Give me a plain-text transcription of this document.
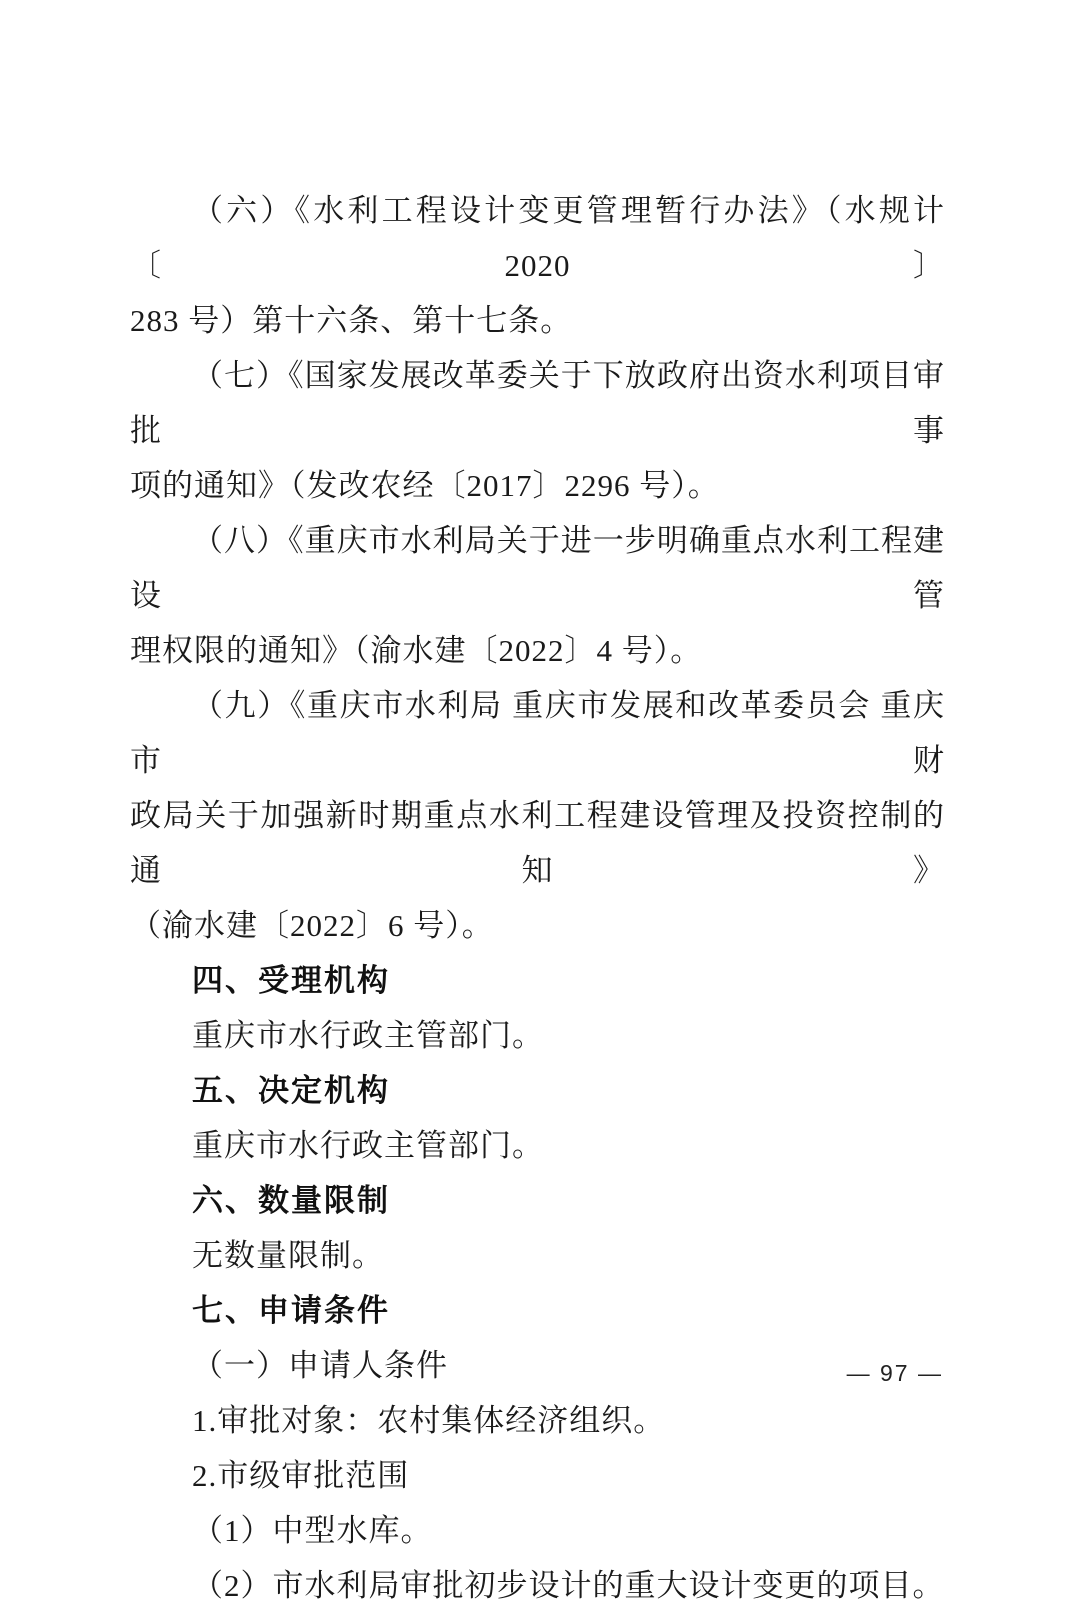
（六）《水利工程设计变更管理暂行办法》（水规计〔2020〕
283 号）第十六条、第十七条。
（七）《国家发展改革委关于下放政府出资水利项目审批事
项的通知》（发改农经〔2017〕2296 号）。
（八）《重庆市水利局关于进一步明确重点水利工程建设管
理权限的通知》（渝水建〔2022〕4 号）。
（九）《重庆市水利局 重庆市发展和改革委员会 重庆市财
政局关于加强新时期重点水利工程建设管理及投资控制的通知》
（渝水建〔2022〕6 号）。
四、受理机构
重庆市水行政主管部门。
五、决定机构
重庆市水行政主管部门。
六、数量限制
无数量限制。
七、申请条件
（一）申请人条件
1.审批对象：农村集体经济组织。
2.市级审批范围
（1）中型水库。
（2）市水利局审批初步设计的重大设计变更的项目。
— 97 —
